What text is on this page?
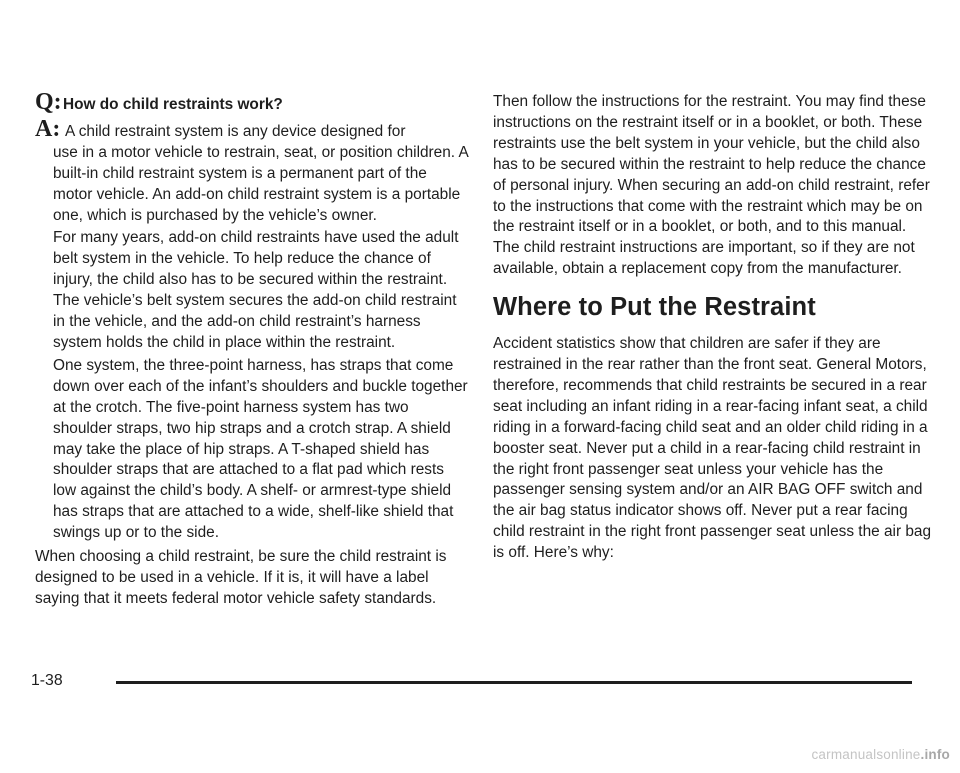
Q: How do child restraints work?
A: A child restraint system is any device designed for

use in a motor vehicle to restrain, seat, or position children. A built-in child restraint system is a permanent part of the motor vehicle. An add-on child restraint system is a portable one, which is purchased by the vehicle’s owner.

For many years, add-on child restraints have used the adult belt system in the vehicle. To help reduce the chance of injury, the child also has to be secured within the restraint. The vehicle’s belt system secures the add-on child restraint in the vehicle, and the add-on child restraint’s harness system holds the child in place within the restraint.

One system, the three-point harness, has straps that come down over each of the infant’s shoulders and buckle together at the crotch. The five-point harness system has two shoulder straps, two hip straps and a crotch strap. A shield may take the place of hip straps. A T-shaped shield has shoulder straps that are attached to a flat pad which rests low against the child’s body. A shelf- or armrest-type shield has straps that are attached to a wide, shelf-like shield that swings up or to the side.

When choosing a child restraint, be sure the child restraint is designed to be used in a vehicle. If it is, it will have a label saying that it meets federal motor vehicle safety standards.

Then follow the instructions for the restraint. You may find these instructions on the restraint itself or in a booklet, or both. These restraints use the belt system in your vehicle, but the child also has to be secured within the restraint to help reduce the chance of personal injury. When securing an add-on child restraint, refer to the instructions that come with the restraint which may be on the restraint itself or in a booklet, or both, and to this manual. The child restraint instructions are important, so if they are not available, obtain a replacement copy from the manufacturer.

Where to Put the Restraint

Accident statistics show that children are safer if they are restrained in the rear rather than the front seat. General Motors, therefore, recommends that child restraints be secured in a rear seat including an infant riding in a rear-facing infant seat, a child riding in a forward-facing child seat and an older child riding in a booster seat. Never put a child in a rear-facing child restraint in the right front passenger seat unless your vehicle has the passenger sensing system and/or an AIR BAG OFF switch and the air bag status indicator shows off. Never put a rear facing child restraint in the right front passenger seat unless the air bag is off. Here’s why:

1-38
carmanualsonline.info
